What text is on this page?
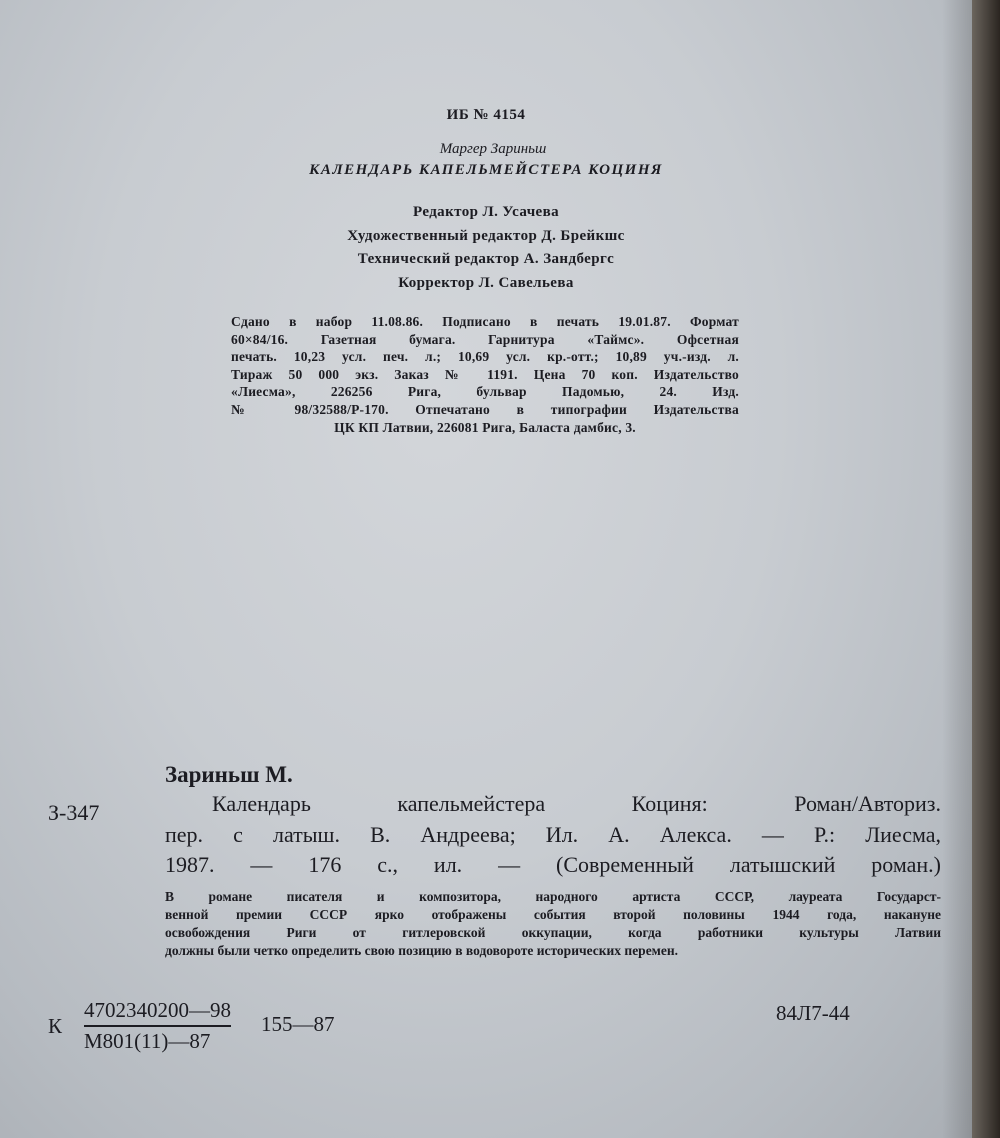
ИБ № 4154
Маргер Зариньш
КАЛЕНДАРЬ КАПЕЛЬМЕЙСТЕРА КОЦИНЯ
Редактор Л. Усачева
Художественный редактор Д. Брейкшс
Технический редактор А. Зандбергс
Корректор Л. Савельева
Сдано в набор 11.08.86. Подписано в печать 19.01.87. Формат
60×84/16. Газетная бумага. Гарнитура «Таймс». Офсетная
печать. 10,23 усл. печ. л.; 10,69 усл. кр.-отт.; 10,89 уч.-изд. л.
Тираж 50 000 экз. Заказ № 1191. Цена 70 коп. Издательство
«Лиесма», 226256 Рига, бульвар Падомью, 24. Изд.
№ 98/32588/Р-170. Отпечатано в типографии Издательства
ЦК КП Латвии, 226081 Рига, Баласта дамбис, 3.
Зариньш М.
З-347	Календарь капельмейстера Коциня: Роман/Авториз.
пер. с латыш. В. Андреева; Ил. А. Алекса. — Р.: Лиесма,
1987. — 176 с., ил. — (Современный латышский роман.)
В романе писателя и композитора, народного артиста СССР, лауреата Государст-
венной премии СССР ярко отображены события второй половины 1944 года, накануне
освобождения Риги от гитлеровской оккупации, когда работники культуры Латвии
должны были четко определить свою позицию в водовороте исторических перемен.
К
4702340200—98
М801(11)—87
155—87	84Л7-44
